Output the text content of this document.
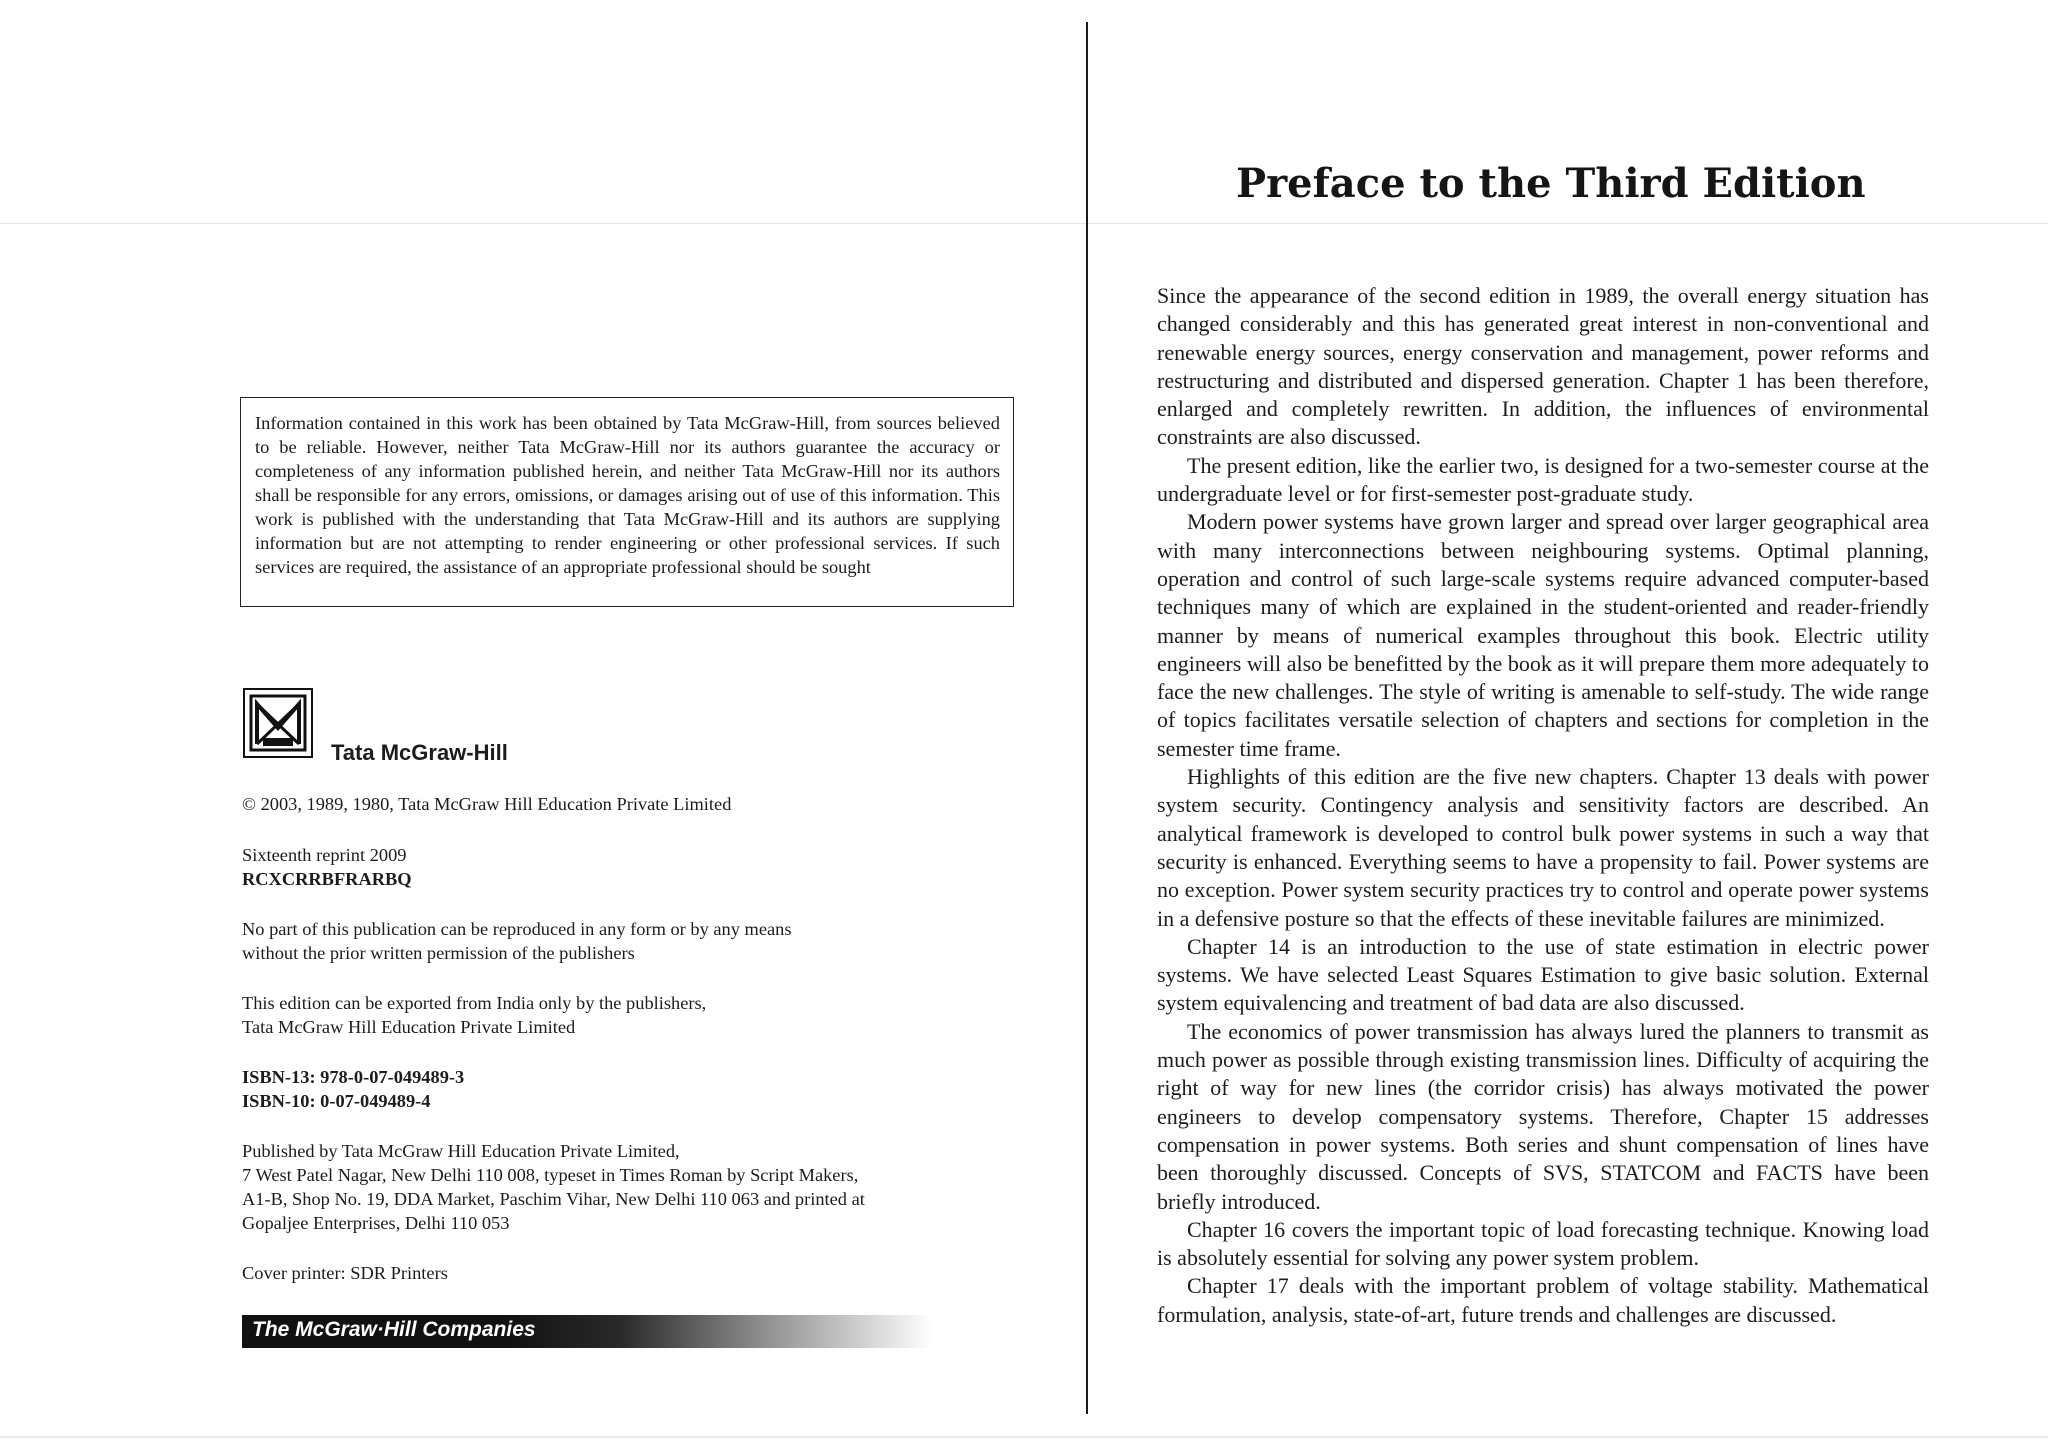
Information contained in this work has been obtained by Tata McGraw-Hill, from sources believed to be reliable. However, neither Tata McGraw-Hill nor its authors guarantee the accuracy or completeness of any information published herein, and neither Tata McGraw-Hill nor its authors shall be responsible for any errors, omissions, or damages arising out of use of this information. This work is published with the understanding that Tata McGraw-Hill and its authors are supplying information but are not attempting to render engineering or other professional services. If such services are required, the assistance of an appropriate professional should be sought
Tata McGraw-Hill
© 2003, 1989, 1980, Tata McGraw Hill Education Private Limited
Sixteenth reprint 2009
RCXCRRBFRARBQ
No part of this publication can be reproduced in any form or by any means
without the prior written permission of the publishers
This edition can be exported from India only by the publishers,
Tata McGraw Hill Education Private Limited
ISBN-13: 978-0-07-049489-3
ISBN-10: 0-07-049489-4
Published by Tata McGraw Hill Education Private Limited,
7 West Patel Nagar, New Delhi 110 008, typeset in Times Roman by Script Makers,
A1-B, Shop No. 19, DDA Market, Paschim Vihar, New Delhi 110 063 and printed at
Gopaljee Enterprises, Delhi 110 053
Cover printer: SDR Printers
The McGraw·Hill Companies
Preface to the Third Edition

Since the appearance of the second edition in 1989, the overall energy situation has changed considerably and this has generated great interest in non-conventional and renewable energy sources, energy conservation and management, power reforms and restructuring and distributed and dispersed generation. Chapter 1 has been therefore, enlarged and completely rewritten. In addition, the influences of environmental constraints are also discussed.

The present edition, like the earlier two, is designed for a two-semester course at the undergraduate level or for first-semester post-graduate study.

Modern power systems have grown larger and spread over larger geographical area with many interconnections between neighbouring systems. Optimal planning, operation and control of such large-scale systems require advanced computer-based techniques many of which are explained in the student-oriented and reader-friendly manner by means of numerical examples throughout this book. Electric utility engineers will also be benefitted by the book as it will prepare them more adequately to face the new challenges. The style of writing is amenable to self-study. The wide range of topics facilitates versatile selection of chapters and sections for completion in the semester time frame.

Highlights of this edition are the five new chapters. Chapter 13 deals with power system security. Contingency analysis and sensitivity factors are described. An analytical framework is developed to control bulk power systems in such a way that security is enhanced. Everything seems to have a propensity to fail. Power systems are no exception. Power system security practices try to control and operate power systems in a defensive posture so that the effects of these inevitable failures are minimized.

Chapter 14 is an introduction to the use of state estimation in electric power systems. We have selected Least Squares Estimation to give basic solution. External system equivalencing and treatment of bad data are also discussed.

The economics of power transmission has always lured the planners to transmit as much power as possible through existing transmission lines. Difficulty of acquiring the right of way for new lines (the corridor crisis) has always motivated the power engineers to develop compensatory systems. Therefore, Chapter 15 addresses compensation in power systems. Both series and shunt compensation of lines have been thoroughly discussed. Concepts of SVS, STATCOM and FACTS have been briefly introduced.

Chapter 16 covers the important topic of load forecasting technique. Knowing load is absolutely essential for solving any power system problem.

Chapter 17 deals with the important problem of voltage stability. Mathematical formulation, analysis, state-of-art, future trends and challenges are discussed.
